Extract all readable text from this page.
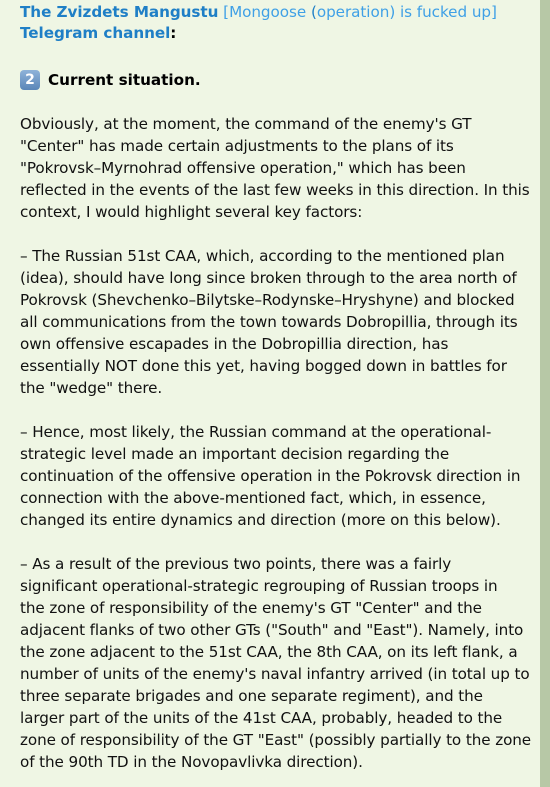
The Zvizdets Mangustu [Mongoose (operation) is fucked up]
Telegram channel:
2 Current situation.
Obviously, at the moment, the command of the enemy's GT
"Center" has made certain adjustments to the plans of its
"Pokrovsk–Myrnohrad offensive operation," which has been
reflected in the events of the last few weeks in this direction. In this
context, I would highlight several key factors:
– The Russian 51st CAA, which, according to the mentioned plan
(idea), should have long since broken through to the area north of
Pokrovsk (Shevchenko–Bilytske–Rodynske–Hryshyne) and blocked
all communications from the town towards Dobropillia, through its
own offensive escapades in the Dobropillia direction, has
essentially NOT done this yet, having bogged down in battles for
the "wedge" there.
– Hence, most likely, the Russian command at the operational-
strategic level made an important decision regarding the
continuation of the offensive operation in the Pokrovsk direction in
connection with the above-mentioned fact, which, in essence,
changed its entire dynamics and direction (more on this below).
– As a result of the previous two points, there was a fairly
significant operational-strategic regrouping of Russian troops in
the zone of responsibility of the enemy's GT "Center" and the
adjacent flanks of two other GTs ("South" and "East"). Namely, into
the zone adjacent to the 51st CAA, the 8th CAA, on its left flank, a
number of units of the enemy's naval infantry arrived (in total up to
three separate brigades and one separate regiment), and the
larger part of the units of the 41st CAA, probably, headed to the
zone of responsibility of the GT "East" (possibly partially to the zone
of the 90th TD in the Novopavlivka direction).
